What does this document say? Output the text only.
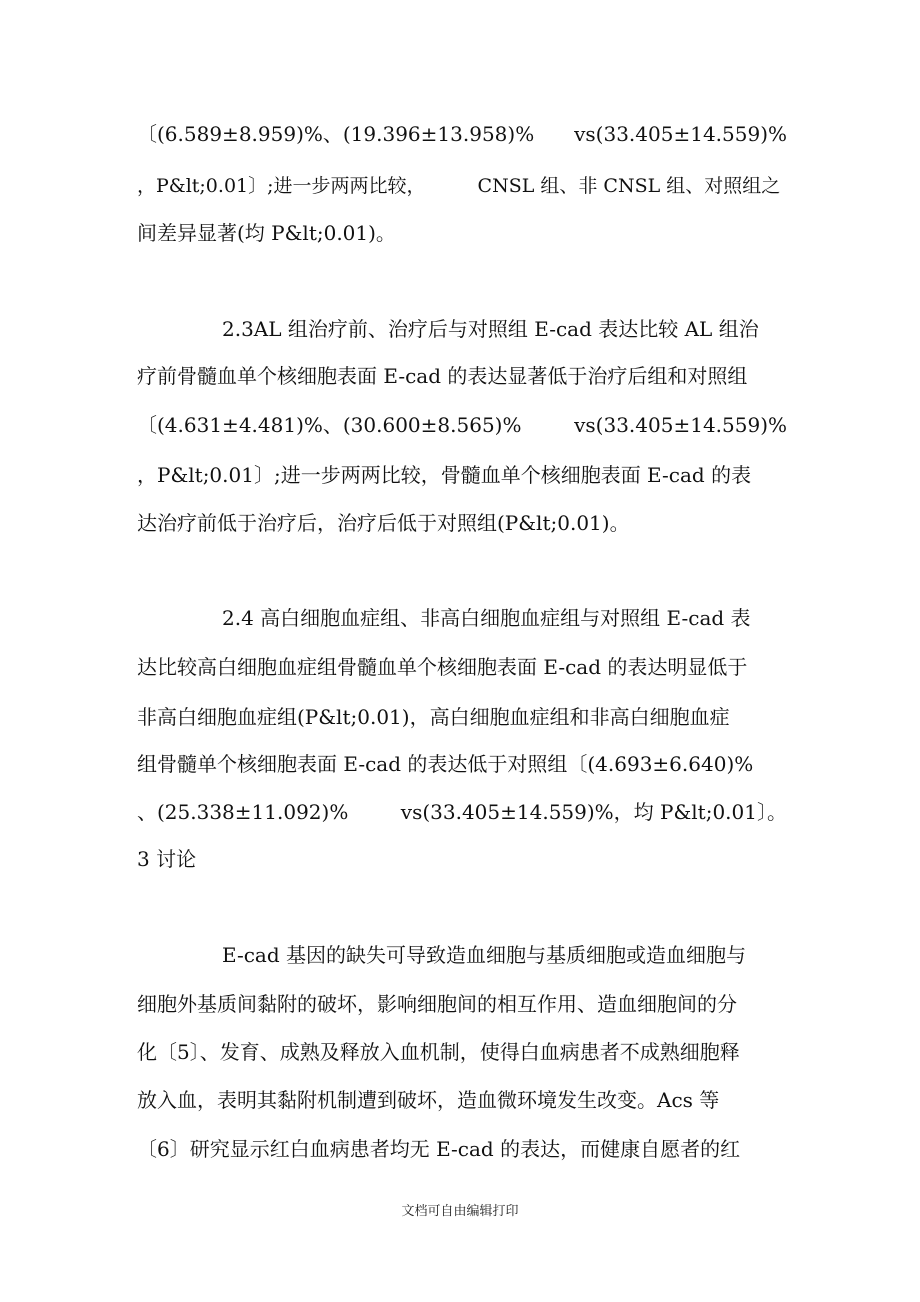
〔(6.589±8.959)%、(19.396±13.958)% vs(33.405±14.559)%
，P&lt;0.01〕;进一步两两比较，	CNSL 组、非 CNSL 组、对照组之
间差异显著(均 P&lt;0.01)。
2.3AL 组治疗前、治疗后与对照组 E-cad 表达比较 AL 组治
疗前骨髓血单个核细胞表面 E-cad 的表达显著低于治疗后组和对照组
〔(4.631±4.481)%、(30.600±8.565)%	vs(33.405±14.559)%
，P&lt;0.01〕;进一步两两比较，骨髓血单个核细胞表面 E-cad 的表
达治疗前低于治疗后，治疗后低于对照组(P&lt;0.01)。
2.4 高白细胞血症组、非高白细胞血症组与对照组 E-cad 表
达比较高白细胞血症组骨髓血单个核细胞表面 E-cad 的表达明显低于
非高白细胞血症组(P&lt;0.01)，高白细胞血症组和非高白细胞血症
组骨髓单个核细胞表面 E-cad 的表达低于对照组〔(4.693±6.640)%
、(25.338±11.092)%	vs(33.405±14.559)%，均 P&lt;0.01〕。
3 讨论
E-cad 基因的缺失可导致造血细胞与基质细胞或造血细胞与
细胞外基质间黏附的破坏，影响细胞间的相互作用、造血细胞间的分
化〔5〕、发育、成熟及释放入血机制，使得白血病患者不成熟细胞释
放入血，表明其黏附机制遭到破坏，造血微环境发生改变。Acs 等
〔6〕研究显示红白血病患者均无 E-cad 的表达，而健康自愿者的红
文档可自由编辑打印
